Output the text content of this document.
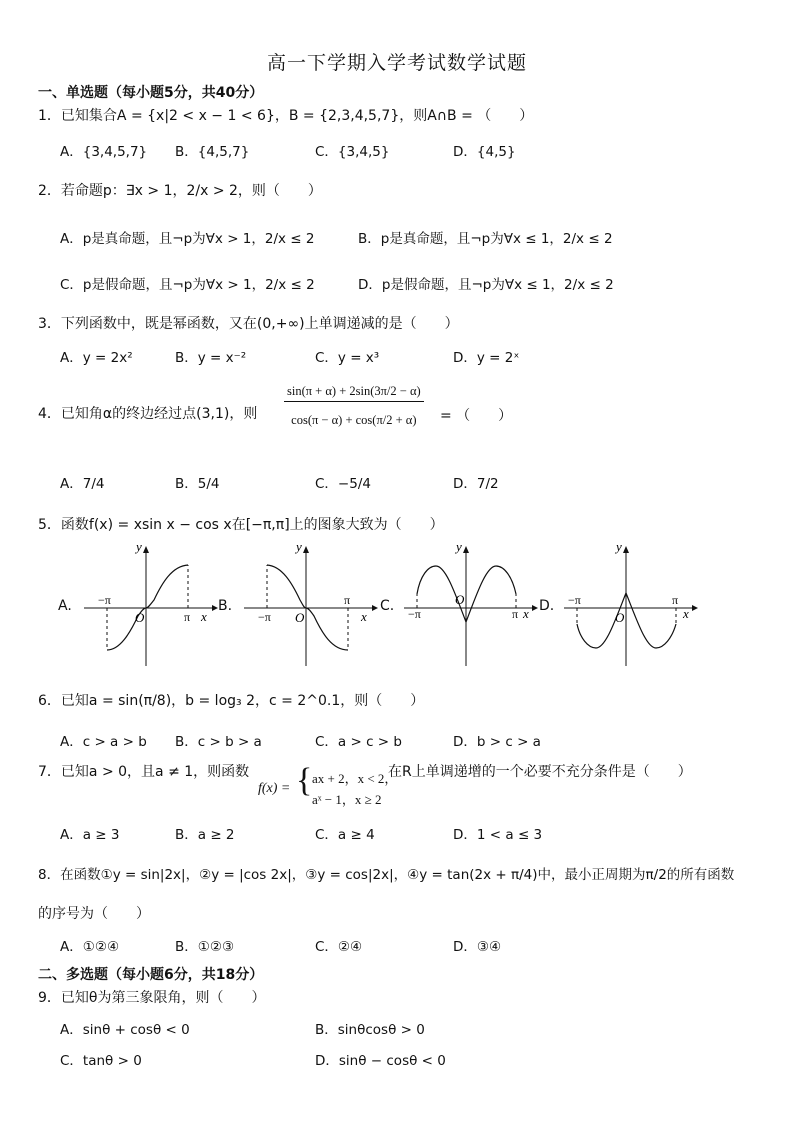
高一下学期入学考试数学试题
一、单选题（每小题5分，共40分）
1．已知集合A = {x|2 < x − 1 < 6}，B = {2,3,4,5,7}，则A∩B = （　　）
A．{3,4,5,7} B．{4,5,7}	C．{3,4,5}	D．{4,5}
2．若命题p：∃x > 1，2/x > 2，则（　　）
A．p是真命题，且¬p为∀x > 1，2/x ≤ 2	B．p是真命题，且¬p为∀x ≤ 1，2/x ≤ 2
C．p是假命题，且¬p为∀x > 1，2/x ≤ 2	D．p是假命题，且¬p为∀x ≤ 1，2/x ≤ 2
3．下列函数中，既是幂函数，又在(0,+∞)上单调递减的是（　　）
A．y = 2x²	B．y = x⁻²	C．y = x³	D．y = 2ˣ
4．已知角α的终边经过点(3,1)，则 $\frac{\sin(\pi + \alpha) + 2\sin(3\pi/2 - \alpha)}{\cos(\pi - \alpha) + \cos(\pi/2 + \alpha)}$ = （　　）
A．7/4	B．5/4	C．−5/4	D．7/2
5．函数f(x) = xsin x − cos x在[−π,π]上的图象大致为（　　）
A.	B.	C.	D.
y
x
O
−π
π
y
x
O
−π
π
y
x
O
−π	π
y
x
O
−π	π
6．已知a = sin(π/8)，b = log₃ 2，c = 2^0.1，则（　　）
A．c > a > b B．c > b > a	C．a > c > b	D．b > c > a
7．已知a > 0，且a ≠ 1，则函数
f(x) = { ax + 2，x < 2，
aˣ − 1，x ≥ 2
在R上单调递增的一个必要不充分条件是（　　）
A．a ≥ 3	B．a ≥ 2	C．a ≥ 4	D．1 < a ≤ 3
8．在函数①y = sin|2x|，②y = |cos 2x|，③y = cos|2x|，④y = tan(2x + π/4)中，最小正周期为π/2的所有函数
的序号为（　　）
A．①②④	B．①②③	C．②④	D．③④
二、多选题（每小题6分，共18分）
9．已知θ为第三象限角，则（　　）
A．sinθ + cosθ < 0	B．sinθcosθ > 0
C．tanθ > 0	D．sinθ − cosθ < 0
